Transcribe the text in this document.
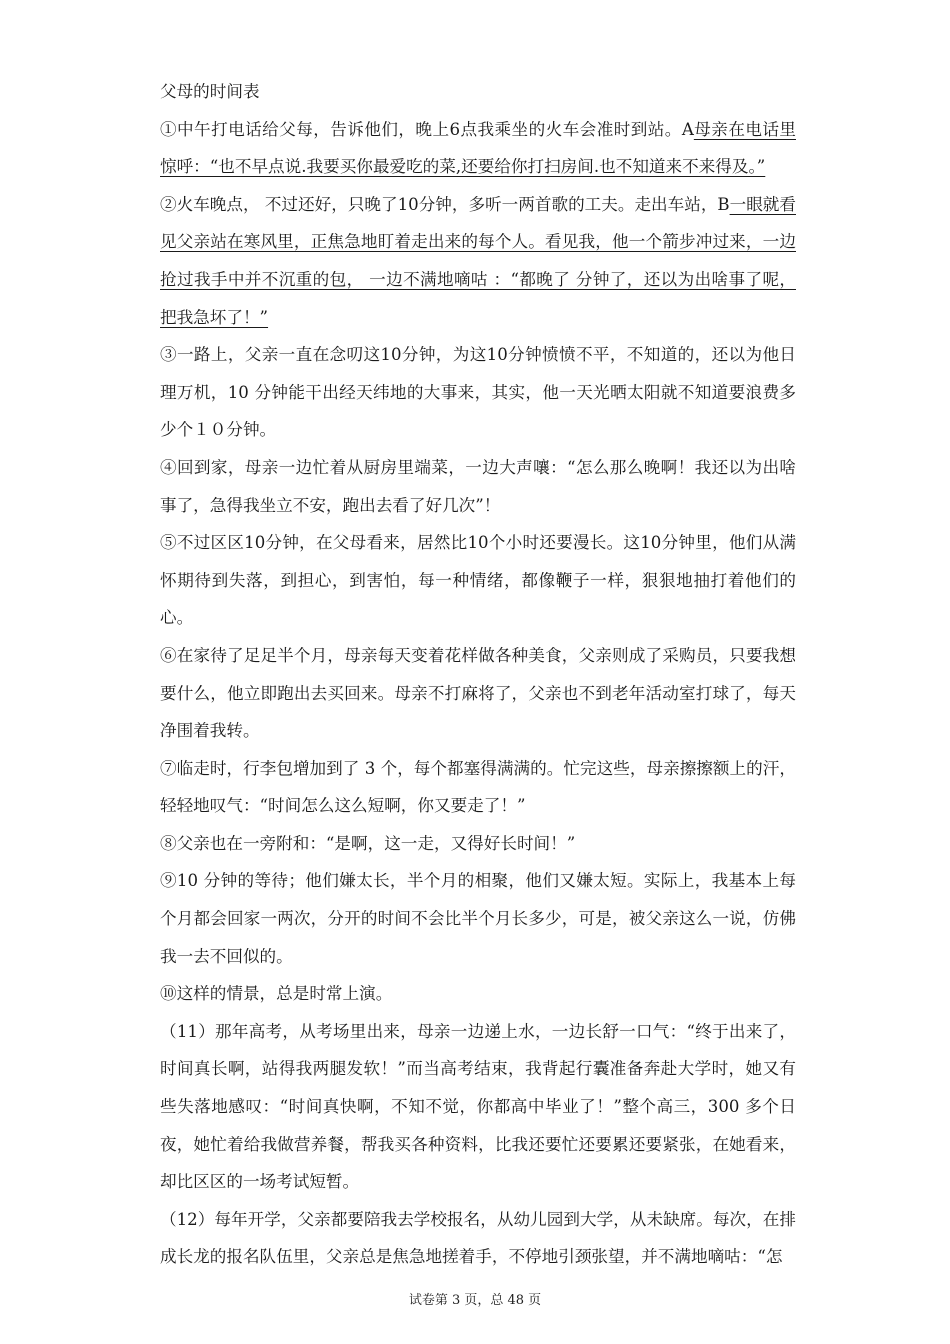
父母的时间表

①中午打电话给父每，告诉他们，晚上6点我乘坐的火车会准时到站。A母亲在电话里惊呼：“也不早点说.我要买你最爱吃的菜,还要给你打扫房间.也不知道来不来得及。”

②火车晚点， 不过还好，只晚了10分钟，多听一两首歌的工夫。走出车站，B一眼就看见父亲站在寒风里，正焦急地盯着走出来的每个人。看见我，他一个箭步冲过来，一边抢过我手中并不沉重的包， 一边不满地嘀咕 ：“都晚了 分钟了，还以为出啥事了呢，把我急坏了！”

③一路上，父亲一直在念叨这10分钟，为这10分钟愤愤不平，不知道的，还以为他日理万机，10 分钟能干出经天纬地的大事来，其实，他一天光晒太阳就不知道要浪费多少个１０分钟。

④回到家，母亲一边忙着从厨房里端菜，一边大声嚷：“怎么那么晚啊！我还以为出啥事了，急得我坐立不安，跑出去看了好几次”！

⑤不过区区10分钟，在父母看来，居然比10个小时还要漫长。这10分钟里，他们从满怀期待到失落，到担心，到害怕，每一种情绪，都像鞭子一样，狠狠地抽打着他们的心。

⑥在家待了足足半个月，母亲每天变着花样做各种美食，父亲则成了采购员，只要我想要什么，他立即跑出去买回来。母亲不打麻将了，父亲也不到老年活动室打球了，每天净围着我转。

⑦临走时，行李包增加到了 3 个，每个都塞得满满的。忙完这些，母亲擦擦额上的汗，轻轻地叹气：“时间怎么这么短啊，你又要走了！”

⑧父亲也在一旁附和：“是啊，这一走，又得好长时间！”

⑨10 分钟的等待；他们嫌太长，半个月的相聚，他们又嫌太短。实际上，我基本上每个月都会回家一两次，分开的时间不会比半个月长多少，可是，被父亲这么一说，仿佛我一去不回似的。

⑩这样的情景，总是时常上演。

（11）那年高考，从考场里出来，母亲一边递上水，一边长舒一口气：“终于出来了，时间真长啊，站得我两腿发软！”而当高考结束，我背起行囊准备奔赴大学时，她又有些失落地感叹：“时间真快啊，不知不觉，你都高中毕业了！”整个高三，300 多个日夜，她忙着给我做营养餐，帮我买各种资料，比我还要忙还要累还要紧张，在她看来，却比区区的一场考试短暂。

（12）每年开学，父亲都要陪我去学校报名，从幼儿园到大学，从未缺席。每次，在排成长龙的报名队伍里，父亲总是焦急地搓着手，不停地引颈张望，并不满地嘀咕：“怎

试卷第 3 页，总 48 页
